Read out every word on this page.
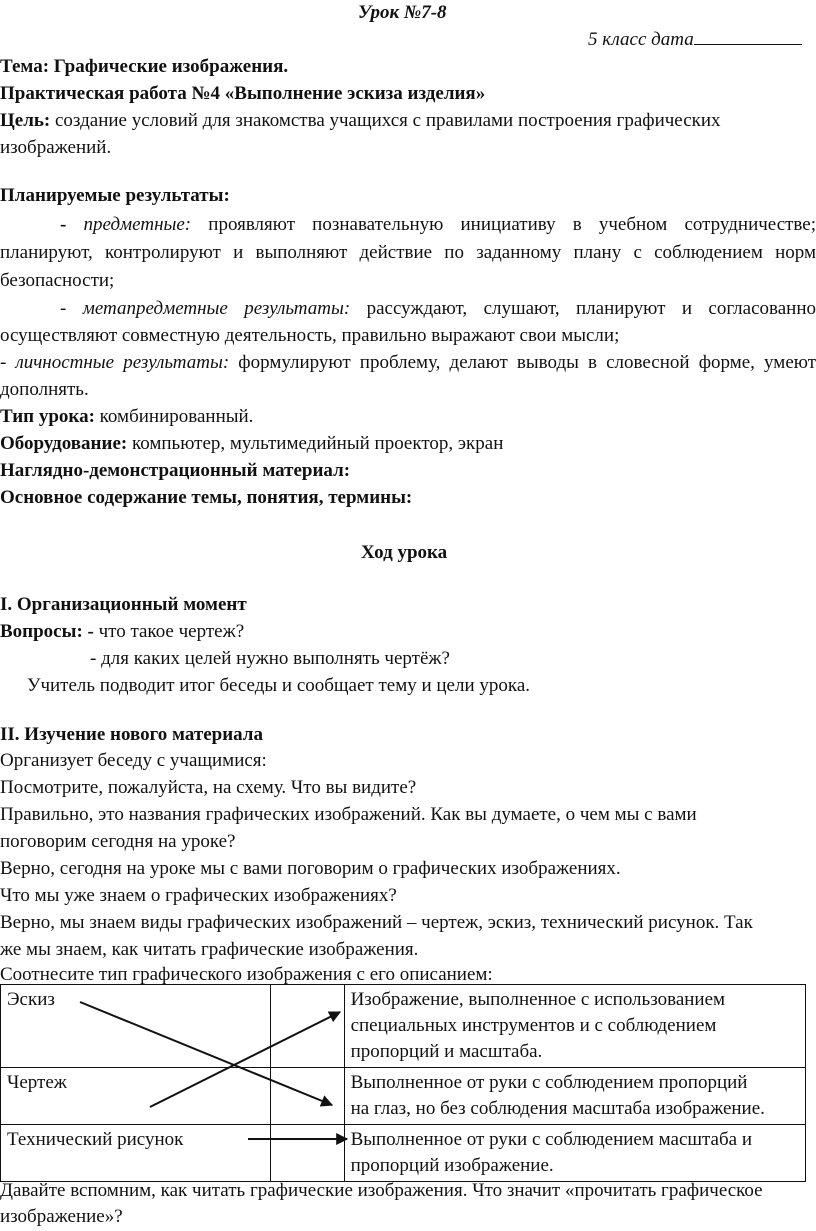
Урок №7-8
5 класс дата
Тема: Графические изображения.
Практическая работа №4 «Выполнение эскиза изделия»
Цель: создание условий для знакомства учащихся с правилами построения графических
изображений.
Планируемые результаты:
- предметные: проявляют познавательную инициативу в учебном сотрудничестве;
планируют, контролируют и выполняют действие по заданному плану с соблюдением норм
безопасности;
- метапредметные результаты: рассуждают, слушают, планируют и согласованно
осуществляют совместную деятельность, правильно выражают свои мысли;
- личностные результаты: формулируют проблему, делают выводы в словесной форме, умеют
дополнять.
Тип урока: комбинированный.
Оборудование: компьютер, мультимедийный проектор, экран
Наглядно-демонстрационный материал:
Основное содержание темы, понятия, термины:
Ход урока
I. Организационный момент
Вопросы: - что такое чертеж?
- для каких целей нужно выполнять чертёж?
Учитель подводит итог беседы и сообщает тему и цели урока.
II. Изучение нового материала
Организует беседу с учащимися:
Посмотрите, пожалуйста, на схему. Что вы видите?
Правильно, это названия графических изображений. Как вы думаете, о чем мы с вами
поговорим сегодня на уроке?
Верно, сегодня на уроке мы с вами поговорим о графических изображениях.
Что мы уже знаем о графических изображениях?
Верно, мы знаем виды графических изображений – чертеж, эскиз, технический рисунок. Так
же мы знаем, как читать графические изображения.
Соотнесите тип графического изображения с его описанием:
Эскиз		Изображение, выполненное с использованием
специальных инструментов и с соблюдением
пропорций и масштаба.

Чертеж		Выполненное от руки с соблюдением пропорций
на глаз, но без соблюдения масштаба изображение.

Технический рисунок		Выполненное от руки с соблюдением масштаба и
пропорций изображение.
Давайте вспомним, как читать графические изображения. Что значит «прочитать графическое
изображение»?
